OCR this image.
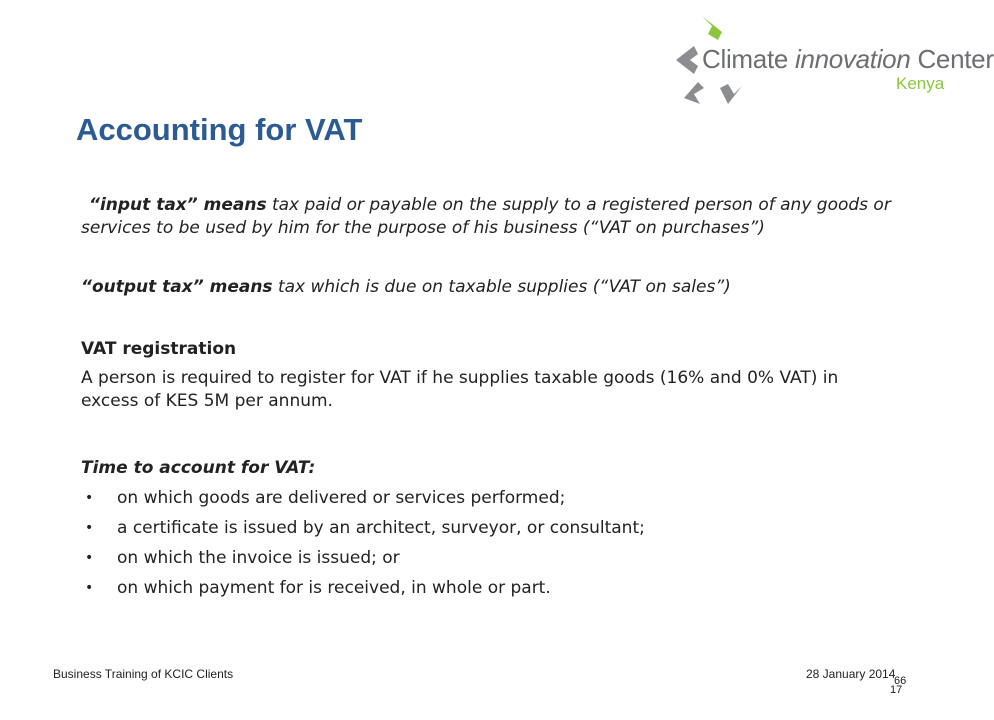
Climate innovation Center
Kenya
Accounting for VAT

“input tax” means tax paid or payable on the supply to a registered person of any goods or services to be used by him for the purpose of his business (“VAT on purchases”)

“output tax” means tax which is due on taxable supplies (“VAT on sales”)

VAT registration

A person is required to register for VAT if he supplies taxable goods (16% and 0% VAT) in excess of KES 5M per annum.

Time to account for VAT:

• on which goods are delivered or services performed;
• a certificate is issued by an architect, surveyor, or consultant;
• on which the invoice is issued; or
• on which payment for is received, in whole or part.
Business Training of KCIC Clients	28 January 2014
66
17
